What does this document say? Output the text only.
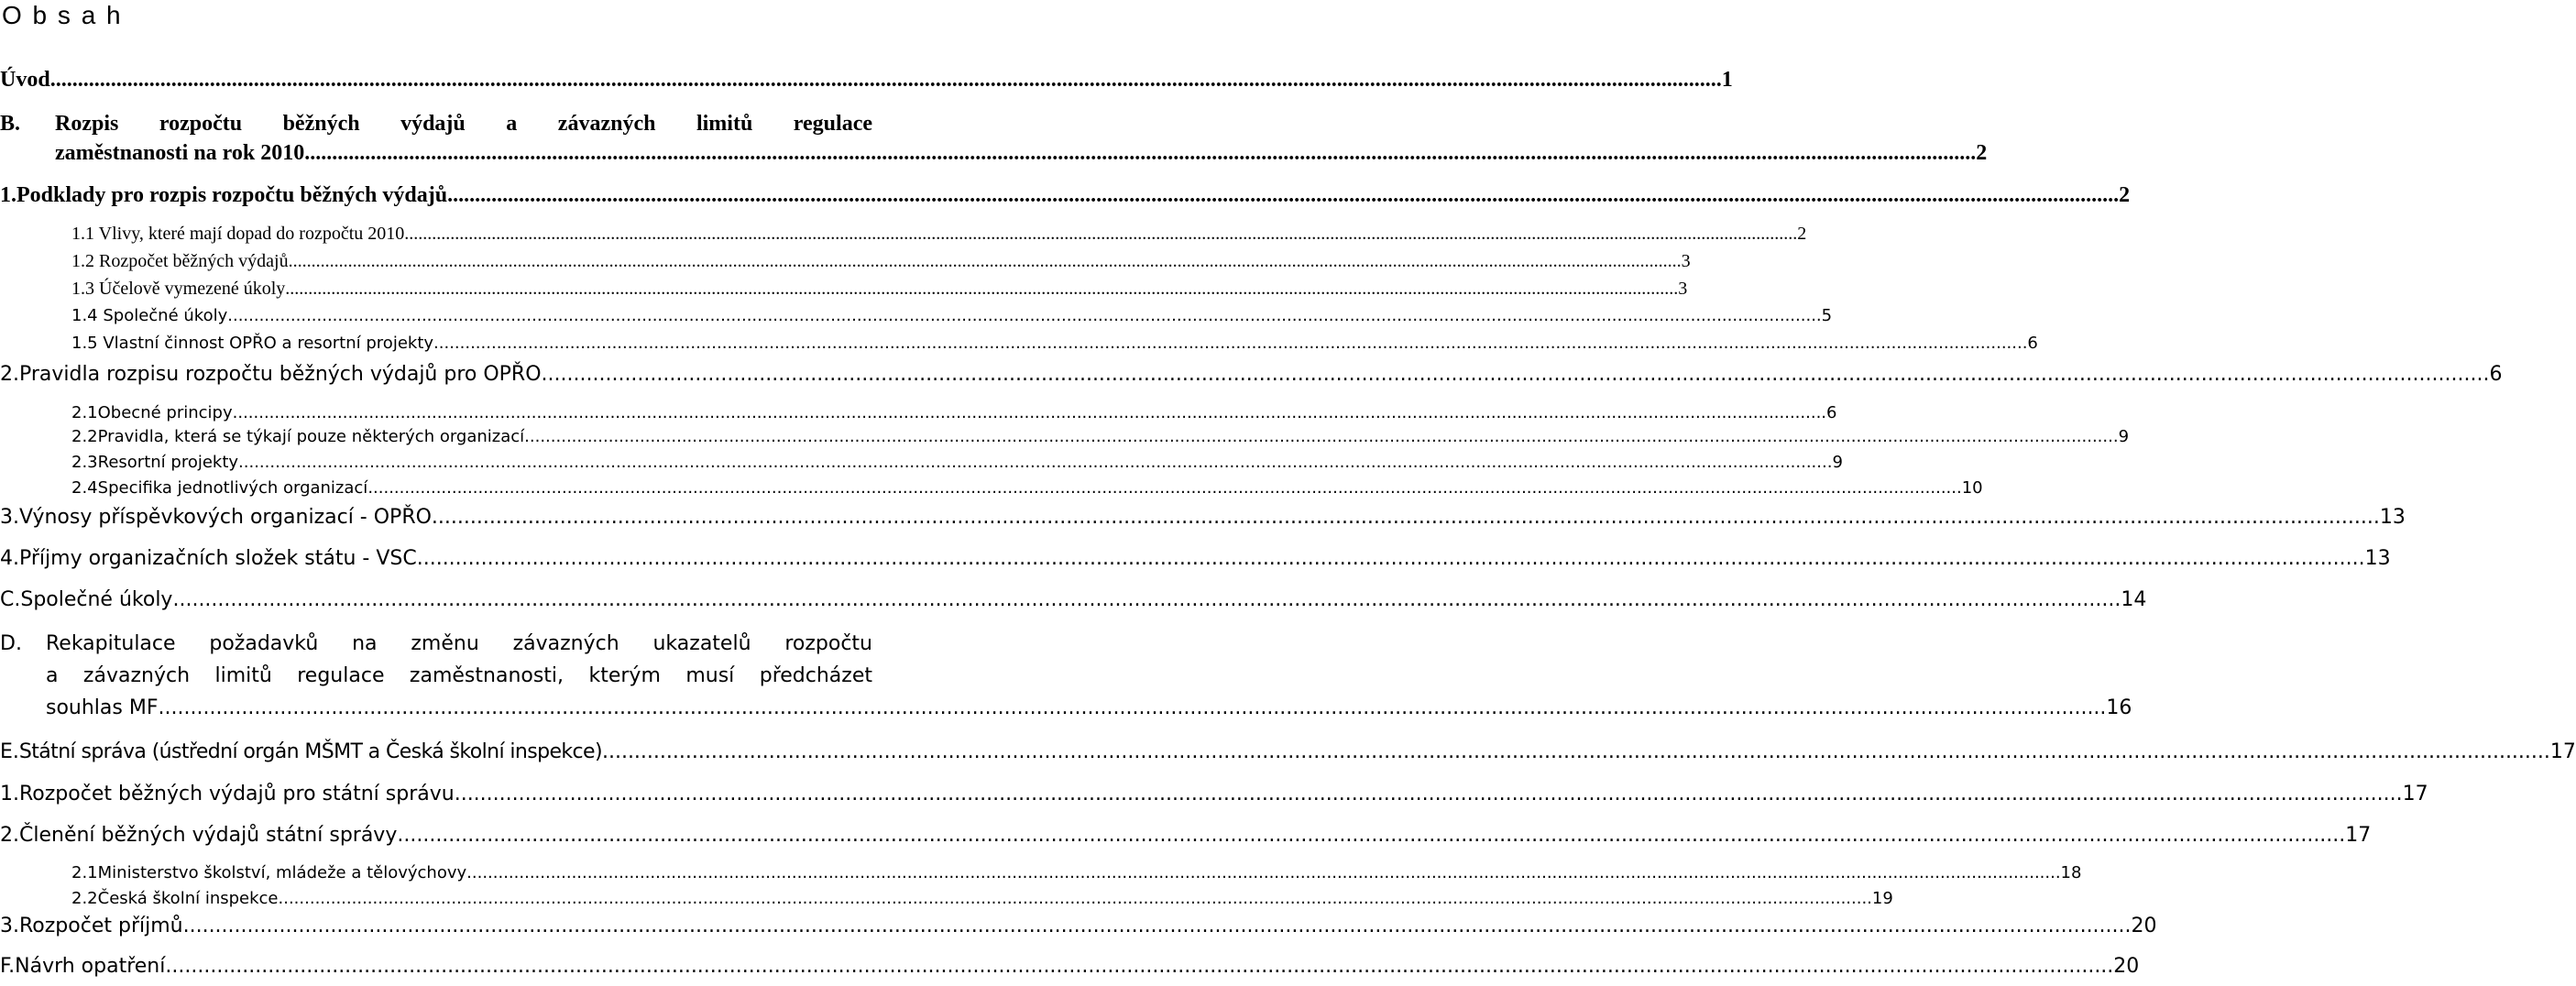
O b s a h
Úvod .....	1
B.	Rozpis rozpočtu běžných výdajů a závazných limitů regulace
zaměstnanosti na rok 2010 .....	2
1. Podklady pro rozpis rozpočtu běžných výdajů .....	2
1.1 Vlivy, které mají dopad do rozpočtu 2010 .....	2
1.2 Rozpočet běžných výdajů .....	3
1.3 Účelově vymezené úkoly .....	3
1.4 Společné úkoly .....	5
1.5 Vlastní činnost OPŘO a resortní projekty .....	6
2. Pravidla rozpisu rozpočtu běžných výdajů pro OPŘO .....	6
2.1 Obecné principy .....	6
2.2 Pravidla, která se týkají pouze některých organizací .....	9
2.3 Resortní projekty .....	9
2.4 Specifika jednotlivých organizací .....	10
3. Výnosy příspěvkových organizací - OPŘO .....	13
4. Příjmy organizačních složek státu - VSC .....	13
C. Společné úkoly .....	14
D.	Rekapitulace požadavků na změnu závazných ukazatelů rozpočtu
a závazných limitů regulace zaměstnanosti, kterým musí předcházet
souhlas MF .....	16
E. Státní správa (ústřední orgán MŠMT a Česká školní inspekce) .....	17
1. Rozpočet běžných výdajů pro státní správu .....	17
2. Členění běžných výdajů státní správy .....	17
2.1 Ministerstvo školství, mládeže a tělovýchovy .....	18
2.2 Česká školní inspekce .....	19
3. Rozpočet příjmů .....	20
F. Návrh opatření .....	20
